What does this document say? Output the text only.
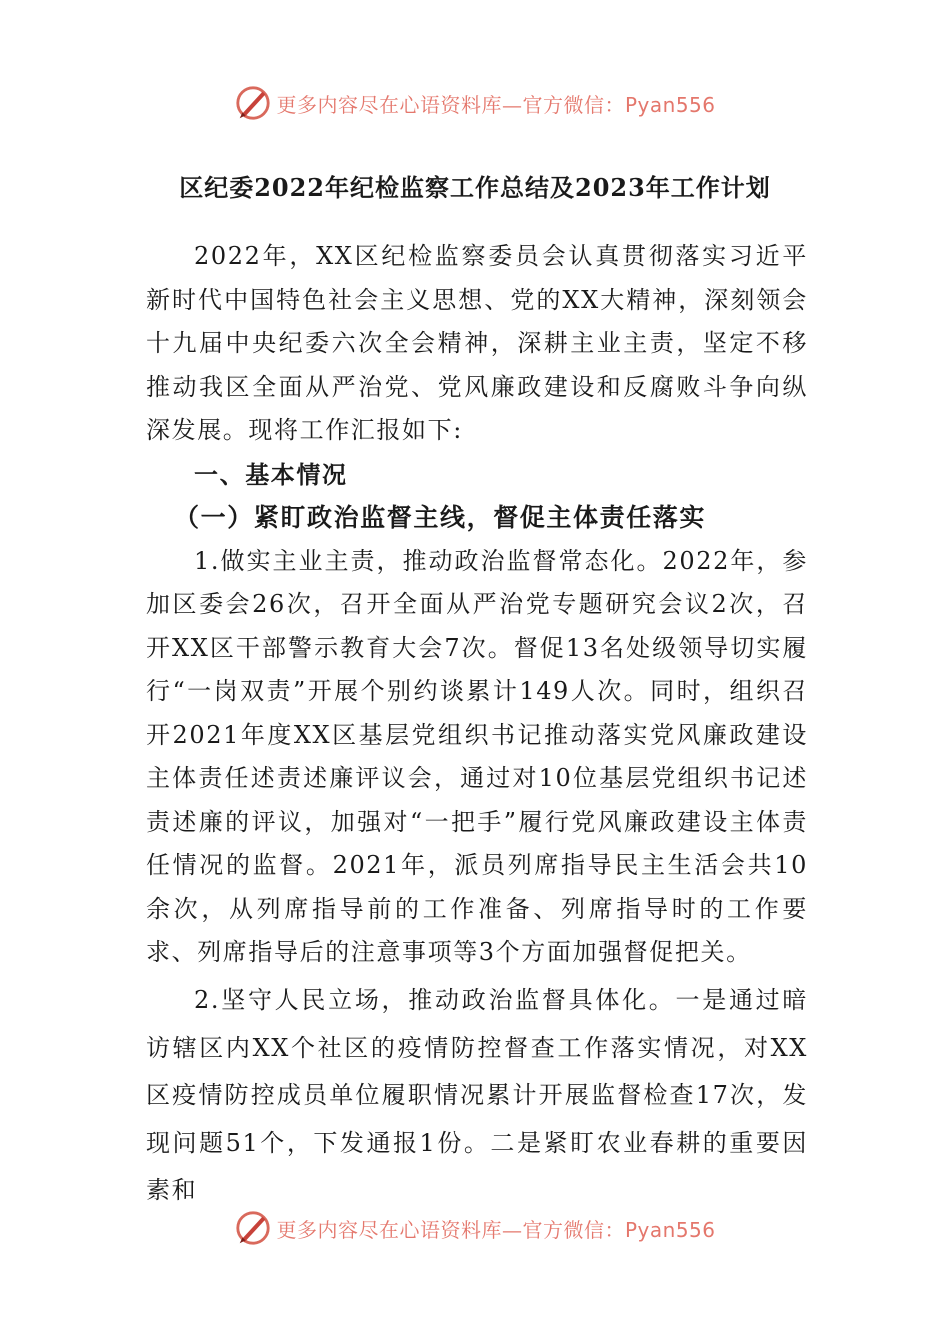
更多内容尽在心语资料库—官方微信：Pyan556
区纪委2022年纪检监察工作总结及2023年工作计划

2022年，XX区纪检监察委员会认真贯彻落实习近平新时代中国特色社会主义思想、党的XX大精神，深刻领会十九届中央纪委六次全会精神，深耕主业主责，坚定不移推动我区全面从严治党、党风廉政建设和反腐败斗争向纵深发展。现将工作汇报如下:

一、基本情况

（一）紧盯政治监督主线，督促主体责任落实

1.做实主业主责，推动政治监督常态化。2022年，参加区委会26次，召开全面从严治党专题研究会议2次，召开XX区干部警示教育大会7次。督促13名处级领导切实履行“一岗双责”开展个别约谈累计149人次。同时，组织召开2021年度XX区基层党组织书记推动落实党风廉政建设主体责任述责述廉评议会，通过对10位基层党组织书记述责述廉的评议，加强对“一把手”履行党风廉政建设主体责任情况的监督。2021年，派员列席指导民主生活会共10余次，从列席指导前的工作准备、列席指导时的工作要求、列席指导后的注意事项等3个方面加强督促把关。

2.坚守人民立场，推动政治监督具体化。一是通过暗访辖区内XX个社区的疫情防控督查工作落实情况，对XX区疫情防控成员单位履职情况累计开展监督检查17次，发现问题51个，下发通报1份。二是紧盯农业春耕的重要因素和

更多内容尽在心语资料库—官方微信：Pyan556
